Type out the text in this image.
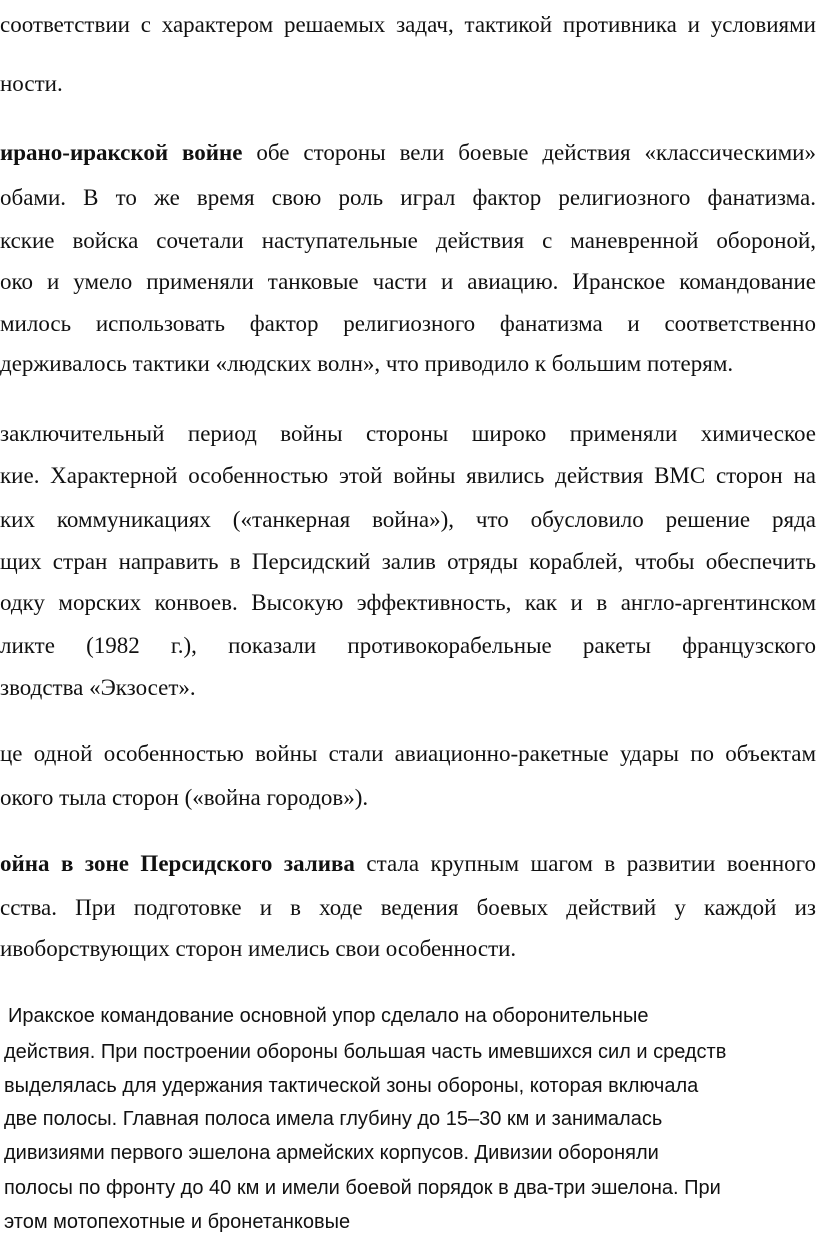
соответствии с характером решаемых задач, тактикой противника и условиями
ности.
ирано-иракской войне обе стороны вели боевые действия «классическими»
обами. В то же время свою роль играл фактор религиозного фанатизма.
кские войска сочетали наступательные действия с маневренной обороной,
око и умело применяли танковые части и авиацию. Иранское командование
милось использовать фактор религиозного фанатизма и соответственно
держивалось тактики «людских волн», что приводило к большим потерям.
заключительный период войны стороны широко применяли химическое
кие. Характерной особенностью этой войны явились действия ВМС сторон на
ких коммуникациях («танкерная война»), что обусловило решение ряда
щих стран направить в Персидский залив отряды кораблей, чтобы обеспечить
одку морских конвоев. Высокую эффективность, как и в англо-аргентинском
ликте (1982 г.), показали противокорабельные ракеты французского
зводства «Экзосет».
це одной особенностью войны стали авиационно-ракетные удары по объектам
окого тыла сторон («война городов»).
ойна в зоне Персидского залива стала крупным шагом в развитии военного
сства. При подготовке и в ходе ведения боевых действий у каждой из
ивоборствующих сторон имелись свои особенности.
Иракское командование основной упор сделало на оборонительные
действия. При построении обороны большая часть имевшихся сил и средств
выделялась для удержания тактической зоны обороны, которая включала
две полосы. Главная полоса имела глубину до 15–30 км и занималась
дивизиями первого эшелона армейских корпусов. Дивизии обороняли
полосы по фронту до 40 км и имели боевой порядок в два-три эшелона. При
этом мотопехотные и бронетанковые
